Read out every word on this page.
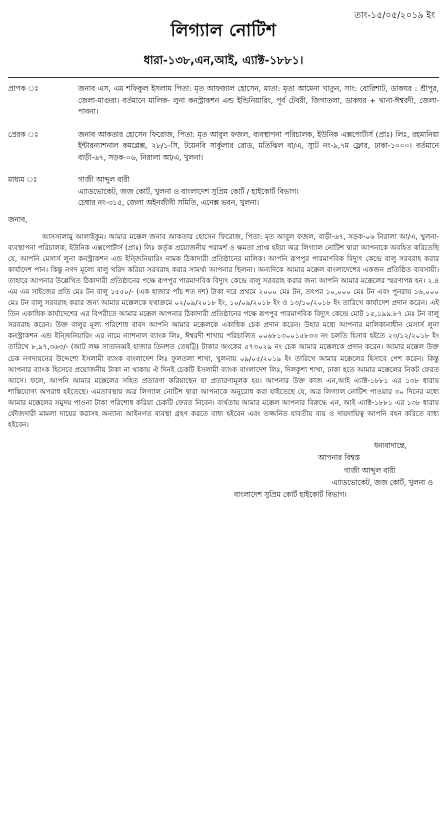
তাং-১৫/০৫/২০১৯ ইং
লিগ্যাল নোটিশ
ধারা-১৩৮,এন,আই, এ্যাক্ট-১৮৮১।
প্রাপক ঃ	জনাব এস, এম শফিকুল ইসলাম পিতা: মৃত আফজাল হোসেন, মাতা: মৃতা আমেনা খাতুন, সাং: বোরিশাট, ডাকঘর : শ্রীপুর, জেলা-মাগুরা। বর্তমানে মালিক- লুনা কনস্ট্রাকশন এন্ড ইন্ডিনিয়ারিং, পূর্ব টেবরী, জিগাতলা, ডাকঘর + থানা-ঈশ্বরদী, জেলা-পাবনা।
প্রেরক ঃ	জনাব আকতার হোসেন ফিরোজ, পিতা: মৃত আবুল ফজল, ব্যবস্থাপনা পরিচালক, ইউনিক এক্সপোর্টার্স (প্রাঃ) লিঃ, রহমানিয়া ইন্টারন্যাশনাল কমপ্লেক্স, ২৮/১-সি, টয়েনবি সার্কুলার রোড, মতিঝিল বা/এ, স্যুট নং-৯,৭ম ফ্লোর, ঢাকা-১০০০। বর্তমানে বাড়ী-৬৭, সড়ক-০৬, নিরালা আ/এ, খুলনা।
মাধ্যম ঃ	গাজী আব্দুল বারী
এ্যাডভোকেট, জজ কোর্ট, খুলনা ও বাংলাদেশ সুপ্রিম কোর্ট / হাইকোর্ট বিভাগ।
চেম্বার নং-৩১৫, জেলা অইনজীবী সমিতি, এনেক্স ভবন, খুলনা।
জনাব,
আসসালামু আলাইকুম। আমার মক্কেল জনাব আকতার হোসেন ফিরোজ, পিতা: মৃত আবুল ফজল, বাড়ী-৬৭, সড়ক-০৬ নিরালা আ/এ, খুলনা- ব্যবস্থাপনা পরিচালক, ইউনিক এক্সপোর্টার্স (প্রাঃ) লিঃ কর্তৃক প্রয়োজনীয় পরামর্শ ও ক্ষমতা প্রাপ্ত হইয়া অত্র লিগ্যাল নোটিশ দ্বারা আপনাকে অবহিত করিতেছি যে, আপনি মেসার্স লুনা কনস্ট্রাকশন এন্ড ইন্জিনিয়ারিং নামক ঠিকাদারী প্রতিষ্ঠানের মালিক। আপনি রূপপুর পারমাণবিক বিদ্যুৎ কেন্দ্রে বালু সরবরাহ করার কার্যাদেশ পান। কিন্তু নগদ মূল্যে বালু খরিদ করিয়া সরবরাহ করার সামর্থ্য আপনার ছিলনা। অন্যদিকে আমার মক্কেল বাংলাদেশের একজন প্রতিষ্ঠিত ব্যবসায়ী। তাহারে আপনার উল্লেখিত ঠিকাদারী প্রতিষ্ঠানের পক্ষে রূপপুর পারমাণবিক বিদ্যুৎ কেন্দ্রে বালু সরবরাহ করার জন্য আপনি আমার মক্কেলের স্মরণাপন্ন হন। ২.৪ এম এম সাইজের প্রতি মেঃ টন বালু ১৫৫০/- (এক হাজার পাঁচ শত দশ) টাকা দরে প্রথমে ২০০০ মেঃ টন, তৎপর ১০,০০০ মেঃ টন এবং পুনরায় ১৬,০০০ মেঃ টন বালু সরবরাহ করার জন্য আমার মক্কেলকে যথাক্রমে ০২/০৯/২০১৮ ইং, ১০/০৯/২০১৮ ইং ও ১৩/১০/২০১৮ ইং তারিখে কার্যাদেশ প্রদান করেন। এই তিন একাধিক কার্যাদেশের এর বিপরীতে আমার মক্কেল আপনার ঠিকাদারী প্রতিষ্ঠানের পক্ষে রূপপুর পারমাণবিক বিদ্যুৎ কেন্দ্রে মোট ১৫,১৯৯.৮৭ মেঃ টন বালু সরবরাহ করেন। উক্ত বালুর মূল্য পরিশোধ বাবদ আপনি আমার মক্কেলকে একাধিক চেক প্রদান করেন। উহার মধ্যে আপনার মালিকানাধীন মেসার্স লুনা কনস্ট্রাকশন এন্ড ইন্জিনিয়ারিং এর নামে ন্যাশনাল ব্যাংক লিঃ, ঈশ্বরদী শাখায় পরিচালিত ০০৬৮১৩০০১৫৮৩৩ নং চলতি হিসাব হইতে ২৩/১২/২০১৮ ইং তারিখে ৮,৯৭,৩৬৩/- (আট লক্ষ সাতানব্বই হাজার তিনশত তেষট্টি) টাকার অংকের ৫৭৩০২৯ নং চেক আমার মক্কেলকে প্রদান করেন। আমার মক্কেল উক্ত চেক নগদায়নের উদ্দেশ্যে ইসলামী ব্যাংক বাংলাদেশ লিঃ ফুলতলা শাখা, খুলনায় ০৯/০৫/২০১৯ ইং তারিখে আমার মক্কেলের হিসাবে পেশ করেন। কিন্তু আপনার ব্যাংক হিসেবে প্রয়োজনীয় টাকা না থাকায় ঐ দিনই চেকটি ইসলামী ব্যাংক বাংলাদেশ লিঃ, দিলকুশা শাখা, ঢাকা হতে আমার মক্কেলের নিকট ফেরত আসে। ফলে, আপনি আমার মক্কেলের সহিত প্রতারণা করিয়াছেন যা প্রতারণামূলক হয়। আপনার উক্ত কাজ এন,আই এ্যাক্ট-১৮৮১ এর ১৩৮ ধারায় শাস্তিযোগ্য অপরাধ হইতেছে। এমতাবস্থায় অত্র লিগ্যাল নোটিশ দ্বারা আপনাকে অনুরোধ করা যাইতেছে যে, অত্র লিগ্যাল নোটিশ পাওয়ার ৩০ দিনের মধ্যে আমার মক্কেলের সমুদয় পাওনা টাকা পরিশোধ করিয়া চেকটি ফেরত নিবেন। ব্যর্থতায় আমার মক্কেল আপনার বিরুদ্ধে এন, আই এ্যাক্ট-১৮৮১ এর ১৩৮ ধারায় ফৌজদারী মামলা দায়ের করাসহ অন্যান্য আইনগত ব্যবস্থা গ্রহণ করতে বাধ্য হইবেন এবং তজ্জনিত যাবতীয় ব্যয় ও দায়দায়িত্ব আপনি বহন করিতে বাধ্য হইবেন।
ধন্যবাদান্তে,
আপনার বিশ্বস্ত
গাজী আব্দুল বারী
এ্যাডভোকেট, জজ কোর্ট, খুলনা ও
বাংলাদেশ সুপ্রিম কোর্ট হাইকোর্ট বিভাগ।
